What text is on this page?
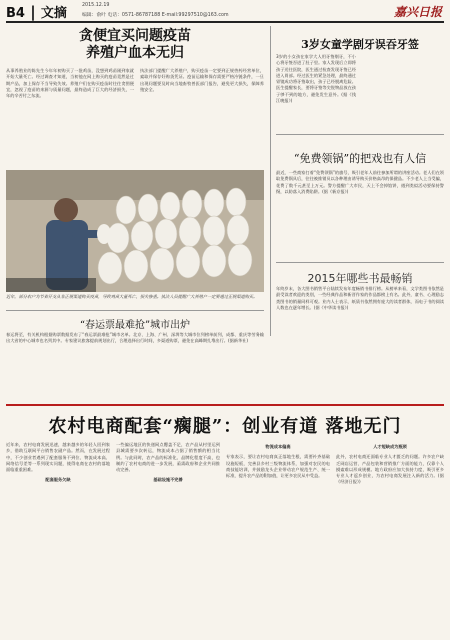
B4 | 文摘
2015.12.19
编辑：俞叶 电话：0571-86787188 E-mail:99297510@163.com	嘉兴日报
贪便宜买问题疫苗
养殖户血本无归
从事养殖业的陈先生今年年初购买了一批鸡苗，没想到鸡苗刚到家就开始大量死亡。经过调查才知道，当初他在网上购买的疫苗竟然是过期产品，加上保存不当导致失效。养殖户们在购买疫苗时往往贪图便宜，忽视了疫苗的来源与质量问题，最终造成了巨大的经济损失，一年的辛苦付之东流。
执法部门提醒广大养殖户，购买疫苗一定要到正规兽药经营单位，索取并保存好购货凭证。疫苗运输和保存需要严格冷链条件，一旦出现问题要及时向当地畜牧兽医部门报告，避免更大损失，保障养殖安全。
近年，部分农户为节省开支从非正规渠道购买疫苗，导致鸡苗大量死亡，损失惨重。执法人员提醒广大养殖户一定要通过正规渠道购买。
3岁女童学剧牙误吞牙签
3岁的小女孩在家学大人用牙签剔牙，不小心将牙签吞进了肚子里。家人发现后立即将孩子送往医院，医生通过检查发现牙签已经进入胃部。经过医生的紧急处理，最终通过胃镜成功将牙签取出，孩子已经脱离危险。医生提醒家长，要将牙签等尖锐物品放在孩子够不到的地方，避免发生意外。(据《钱江晚报》)
“免费领锅”的把戏也有人信
最近，一些商家打着“免费领锅”的旗号，吸引老年人前往参加所谓的讲座活动。老人们在领取免费锅具后，往往被推销员以各种理由诱导购买价格高昂的保健品。不少老人上当受骗，花费了数千元甚至上万元。警方提醒广大市民，天上不会掉馅饼，遇到类似活动要保持警惕，以防落入消费陷阱。(据《新京报》)
2015年哪些书最畅销
年终岁末，各大图书销售平台陆续发布年度畅销书排行榜。从榜单来看，文学类图书依然是最受读者欢迎的类别，一些经典作品和新晋作家的作品都榜上有名。此外，童书、心理励志类图书的销量同样可观。业内人士表示，纸质书依然拥有庞大的读者群体，而电子书的阅读人数也在逐年增长。(据《中华读书报》)
“春运票最难抢”城市出炉
春运将至，有关机构根据购票数据发布了“春运票最难抢”城市名单。北京、上海、广州、深圳等大城市位列榜单前列，成都、重庆等劳务输出大省的中心城市也名列其中。专家建议旅客提前规划出行，合理选择出行时间，多渠道购票，避免在高峰期扎堆出行。(据新华社)
农村电商配套“瘸腿”：创业有道 落地无门
近年来，农村电商发展迅速，越来越多的年轻人回到家乡，借助互联网平台销售农副产品。然而，在发展过程中，不少创业者遇到了配套服务不到位、物流成本高、网络信号差等一系列现实问题，使得电商在农村的落地面临重重困难。
配套服务欠缺
一些偏远地区的快递网点覆盖不足，农产品从村里运到县城需要多次转运，物流成本占据了销售额的相当比例。与此同时，农产品的标准化、品牌化程度不高，也制约了农村电商的进一步发展，亟需政府和企业共同推动完善。
基础设施不完善
物流成本偏高
专家表示，要让农村电商真正落地生根，需要补齐基础设施短板，完善县乡村三级物流体系，加强对农民的电商技能培训，并鼓励龙头企业带动农户规范生产、统一标准，提升农产品的附加值，让更多农民从中受益。
人才短缺成为瓶颈
此外，农村电商还面临专业人才匮乏的问题。许多农户缺乏网店运营、产品包装和营销推广方面的能力，仅靠个人摸索难以形成规模。地方政府应加大扶持力度，吸引更多专业人才返乡创业，为农村电商发展注入新的活力。(据《经济日报》)
